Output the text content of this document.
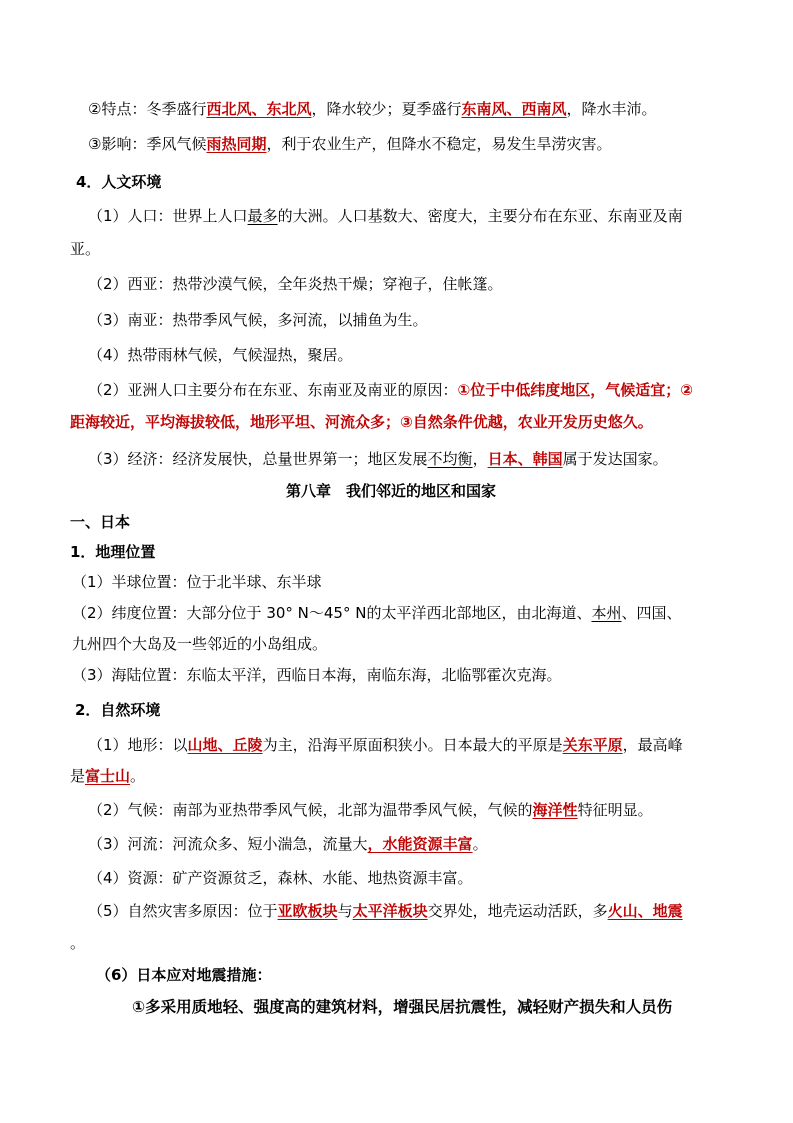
②特点：冬季盛行西北风、东北风，降水较少；夏季盛行东南风、西南风，降水丰沛。
③影响：季风气候雨热同期，利于农业生产，但降水不稳定，易发生旱涝灾害。
4．人文环境
（1）人口：世界上人口最多的大洲。人口基数大、密度大，主要分布在东亚、东南亚及南
亚。
（2）西亚：热带沙漠气候，全年炎热干燥；穿袍子，住帐篷。
（3）南亚：热带季风气候，多河流，以捕鱼为生。
（4）热带雨林气候，气候湿热，聚居。
（2）亚洲人口主要分布在东亚、东南亚及南亚的原因：①位于中低纬度地区，气候适宜；②
距海较近，平均海拔较低，地形平坦、河流众多；③自然条件优越，农业开发历史悠久。
（3）经济：经济发展快，总量世界第一；地区发展不均衡，日本、韩国属于发达国家。
第八章　我们邻近的地区和国家
一、日本
1．地理位置
（1）半球位置：位于北半球、东半球
（2）纬度位置：大部分位于 30° N～45° N的太平洋西北部地区，由北海道、本州、四国、
九州四个大岛及一些邻近的小岛组成。
（3）海陆位置：东临太平洋，西临日本海，南临东海，北临鄂霍次克海。
2．自然环境
（1）地形：以山地、丘陵为主，沿海平原面积狭小。日本最大的平原是关东平原，最高峰
是富士山。
（2）气候：南部为亚热带季风气候，北部为温带季风气候，气候的海洋性特征明显。
（3）河流：河流众多、短小湍急，流量大，水能资源丰富。
（4）资源：矿产资源贫乏，森林、水能、地热资源丰富。
（5）自然灾害多原因：位于亚欧板块与太平洋板块交界处，地壳运动活跃，多火山、地震
。
（6）日本应对地震措施：
①多采用质地轻、强度高的建筑材料，增强民居抗震性，减轻财产损失和人员伤
